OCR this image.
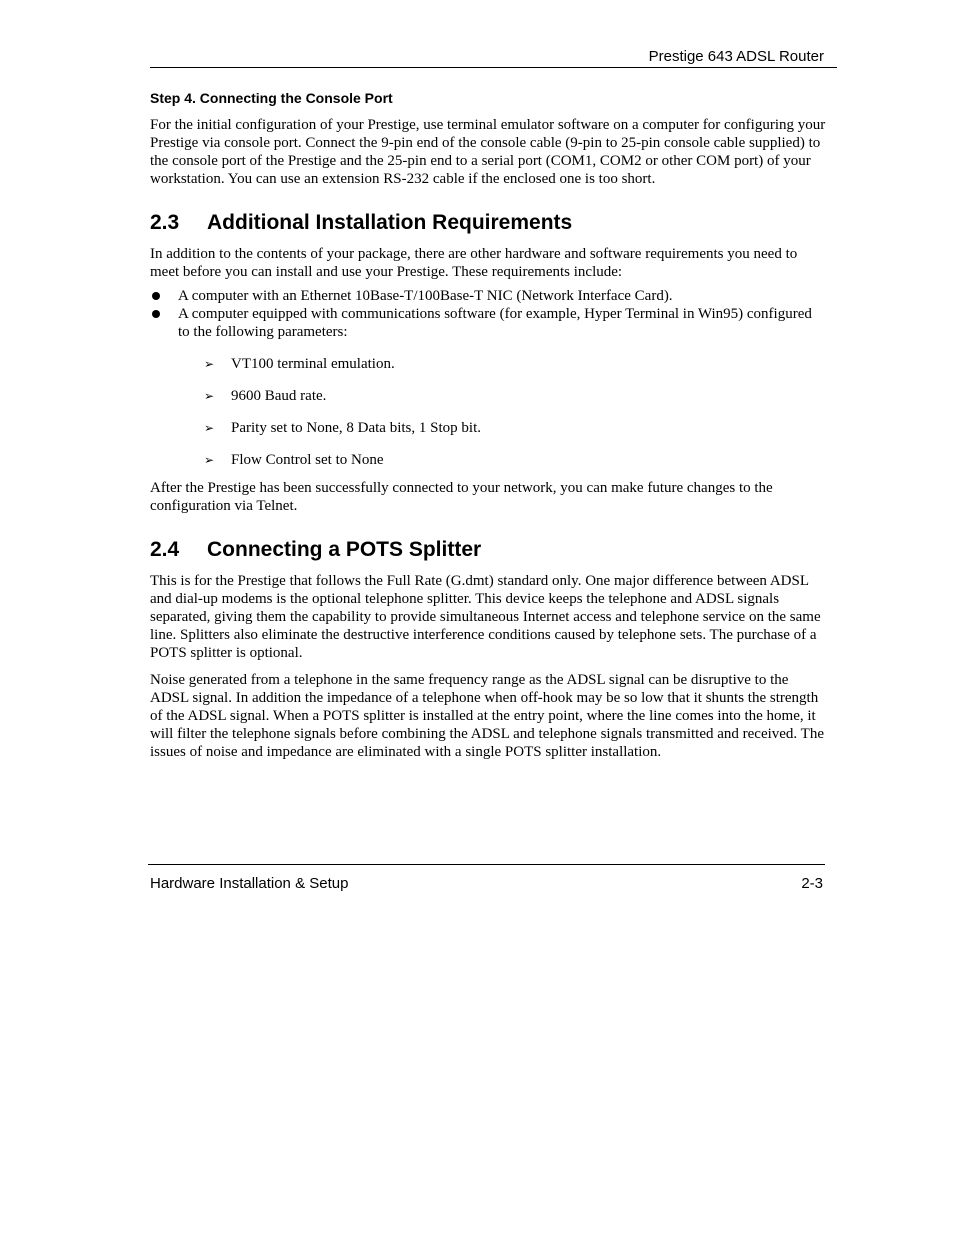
Prestige 643 ADSL Router
Step 4. Connecting the Console Port

For the initial configuration of your Prestige, use terminal emulator software on a computer for configuring your Prestige via console port. Connect the 9-pin end of the console cable (9-pin to 25-pin console cable supplied) to the console port of the Prestige and the 25-pin end to a serial port (COM1, COM2 or other COM port) of your workstation. You can use an extension RS-232 cable if the enclosed one is too short.

2.3	Additional Installation Requirements

In addition to the contents of your package, there are other hardware and software requirements you need to meet before you can install and use your Prestige. These requirements include:

A computer with an Ethernet 10Base-T/100Base-T NIC (Network Interface Card).
A computer equipped with communications software (for example, Hyper Terminal in Win95) configured to the following parameters:
➢ VT100 terminal emulation.
➢ 9600 Baud rate.
➢ Parity set to None, 8 Data bits, 1 Stop bit.
➢ Flow Control set to None

After the Prestige has been successfully connected to your network, you can make future changes to the configuration via Telnet.

2.4	Connecting a POTS Splitter

This is for the Prestige that follows the Full Rate (G.dmt) standard only. One major difference between ADSL and dial-up modems is the optional telephone splitter. This device keeps the telephone and ADSL signals separated, giving them the capability to provide simultaneous Internet access and telephone service on the same line. Splitters also eliminate the destructive interference conditions caused by telephone sets. The purchase of a POTS splitter is optional.

Noise generated from a telephone in the same frequency range as the ADSL signal can be disruptive to the ADSL signal. In addition the impedance of a telephone when off-hook may be so low that it shunts the strength of the ADSL signal. When a POTS splitter is installed at the entry point, where the line comes into the home, it will filter the telephone signals before combining the ADSL and telephone signals transmitted and received. The issues of noise and impedance are eliminated with a single POTS splitter installation.

Hardware Installation & Setup	2-3
